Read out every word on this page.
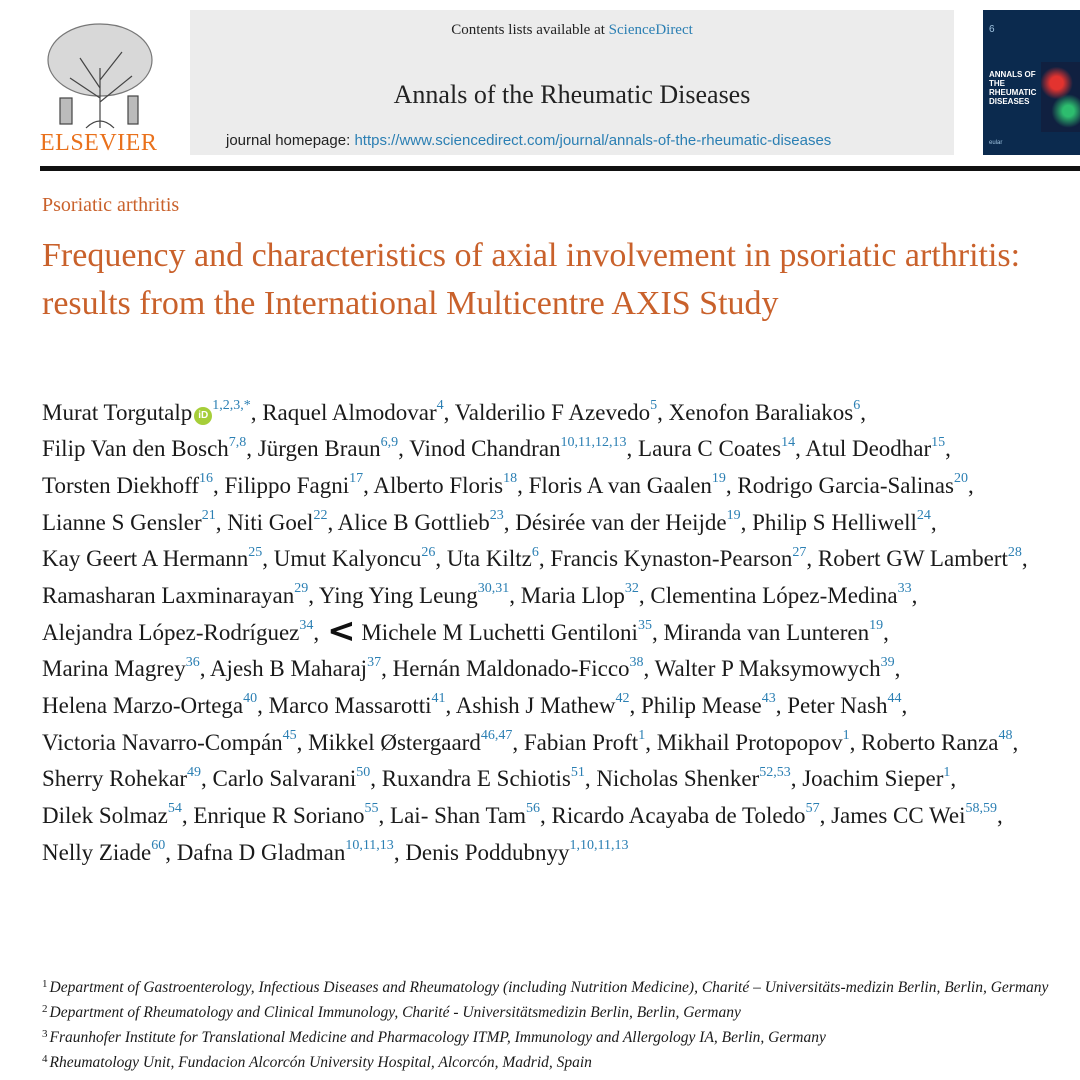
ELSEVIER
Contents lists available at ScienceDirect
Annals of the Rheumatic Diseases
journal homepage: https://www.sciencedirect.com/journal/annals-of-the-rheumatic-diseases
6
ANNALS OF THE RHEUMATIC DISEASES
eular
Psoriatic arthritis
Frequency and characteristics of axial involvement in psoriatic arthritis: results from the International Multicentre AXIS Study

Murat Torgutalp $iD^{1,2,3,*}$, Raquel Almodovar$^4$, Valderilio F Azevedo$^5$, Xenofon Baraliakos$^6$, Filip Van den Bosch$^{7,8}$, Jürgen Braun$^{6,9}$, Vinod Chandran$^{10,11,12,13}$, Laura C Coates$^{14}$, Atul Deodhar$^{15}$, Torsten Diekhoff$^{16}$, Filippo Fagni$^{17}$, Alberto Floris$^{18}$, Floris A van Gaalen$^{19}$, Rodrigo Garcia-Salinas$^{20}$, Lianne S Gensler$^{21}$, Niti Goel$^{22}$, Alice B Gottlieb$^{23}$, Désirée van der Heijde$^{19}$, Philip S Helliwell$^{24}$, Kay Geert A Hermann$^{25}$, Umut Kalyoncu$^{26}$, Uta Kiltz$^6$, Francis Kynaston-Pearson$^{27}$, Robert GW Lambert$^{28}$, Ramasharan Laxminarayan$^{29}$, Ying Ying Leung$^{30,31}$, Maria Llop$^{32}$, Clementina López-Medina$^{33}$, Alejandra López-Rodríguez$^{34}$, < Michele M Luchetti Gentiloni$^{35}$, Miranda van Lunteren$^{19}$, Marina Magrey$^{36}$, Ajesh B Maharaj$^{37}$, Hernán Maldonado-Ficco$^{38}$, Walter P Maksymowych$^{39}$, Helena Marzo-Ortega$^{40}$, Marco Massarotti$^{41}$, Ashish J Mathew$^{42}$, Philip Mease$^{43}$, Peter Nash$^{44}$, Victoria Navarro-Compán$^{45}$, Mikkel Østergaard$^{46,47}$, Fabian Proft$^1$, Mikhail Protopopov$^1$, Roberto Ranza$^{48}$, Sherry Rohekar$^{49}$, Carlo Salvarani$^{50}$, Ruxandra E Schiotis$^{51}$, Nicholas Shenker$^{52,53}$, Joachim Sieper$^1$, Dilek Solmaz$^{54}$, Enrique R Soriano$^{55}$, Lai- Shan Tam$^{56}$, Ricardo Acayaba de Toledo$^{57}$, James CC Wei$^{58,59}$, Nelly Ziade$^{60}$, Dafna D Gladman$^{10,11,13}$, Denis Poddubnyy$^{1,10,11,13}$

$^1$ Department of Gastroenterology, Infectious Diseases and Rheumatology (including Nutrition Medicine), Charité – Universitäts-medizin Berlin, Berlin, Germany
$^2$ Department of Rheumatology and Clinical Immunology, Charité - Universitätsmedizin Berlin, Berlin, Germany
$^3$ Fraunhofer Institute for Translational Medicine and Pharmacology ITMP, Immunology and Allergology IA, Berlin, Germany
$^4$ Rheumatology Unit, Fundacion Alcorcón University Hospital, Alcorcón, Madrid, Spain
